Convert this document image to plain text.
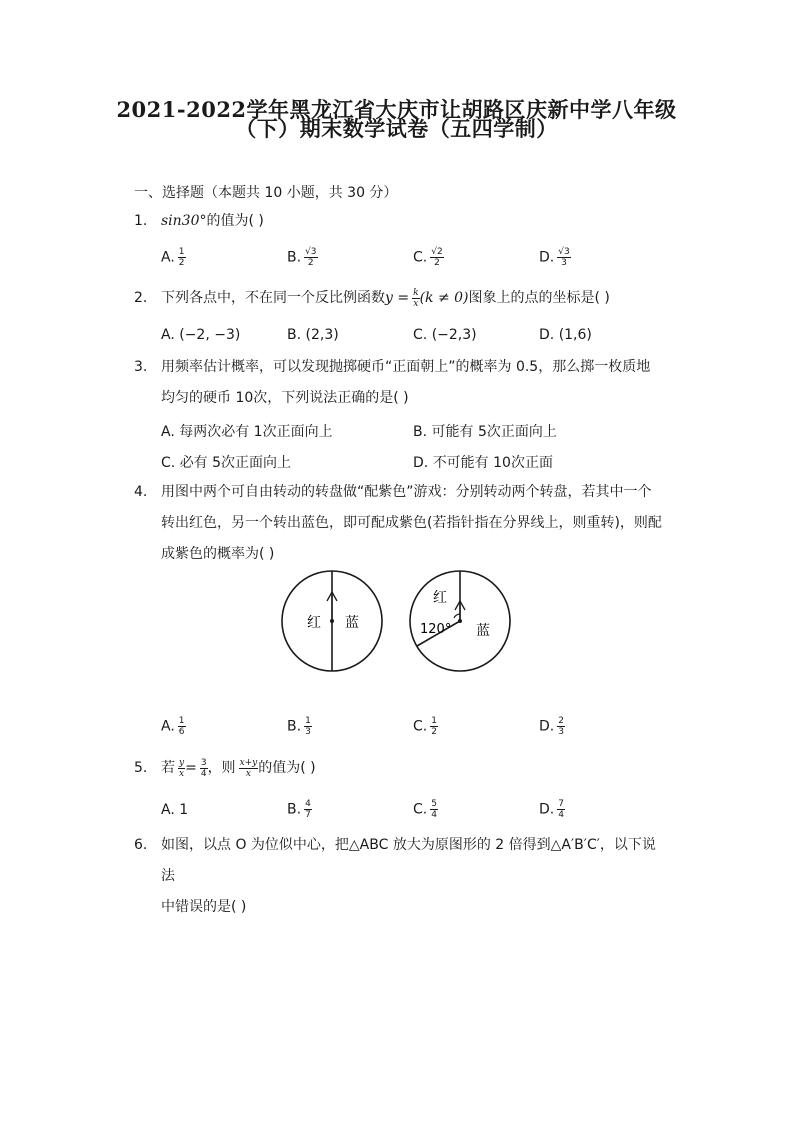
2021-2022学年黑龙江省大庆市让胡路区庆新中学八年级
（下）期末数学试卷（五四学制）
一、选择题（本题共 10 小题，共 30 分）
1. sin30°的值为( )
A. $\frac{1}{2}$	B. $\frac{√3}{2}$	C. $\frac{√2}{2}$	D. $\frac{√3}{3}$
2. 下列各点中，不在同一个反比例函数$y = \frac{k}{x} (k \ne 0)$图象上的点的坐标是( )
A. (−2, −3)	B. (2,3)	C. (−2,3)	D. (1,6)
3. 用频率估计概率，可以发现抛掷硬币“正面朝上”的概率为 0.5，那么掷一枚质地
均匀的硬币 10次，下列说法正确的是( )
A. 每两次必有 1次正面向上	B. 可能有 5次正面向上
C. 必有 5次正面向上	D. 不可能有 10次正面
4. 用图中两个可自由转动的转盘做“配紫色”游戏：分别转动两个转盘，若其中一个
转出红色，另一个转出蓝色，即可配成紫色(若指针指在分界线上，则重转)，则配
成紫色的概率为( )
红 蓝
红
蓝
120°
A. $\frac{1}{6}$	B. $\frac{1}{3}$	C. $\frac{1}{2}$	D. $\frac{2}{3}$
5. 若 $\frac{y}{x} = \frac{3}{4}$ ，则 $\frac{x+y}{x}$ 的值为( )
A. 1	B. $\frac{4}{7}$	C. $\frac{5}{4}$	D. $\frac{7}{4}$
6. 如图，以点 O 为位似中心，把△ABC 放大为原图形的 2 倍得到△A′B′C′，以下说法
中错误的是( )
